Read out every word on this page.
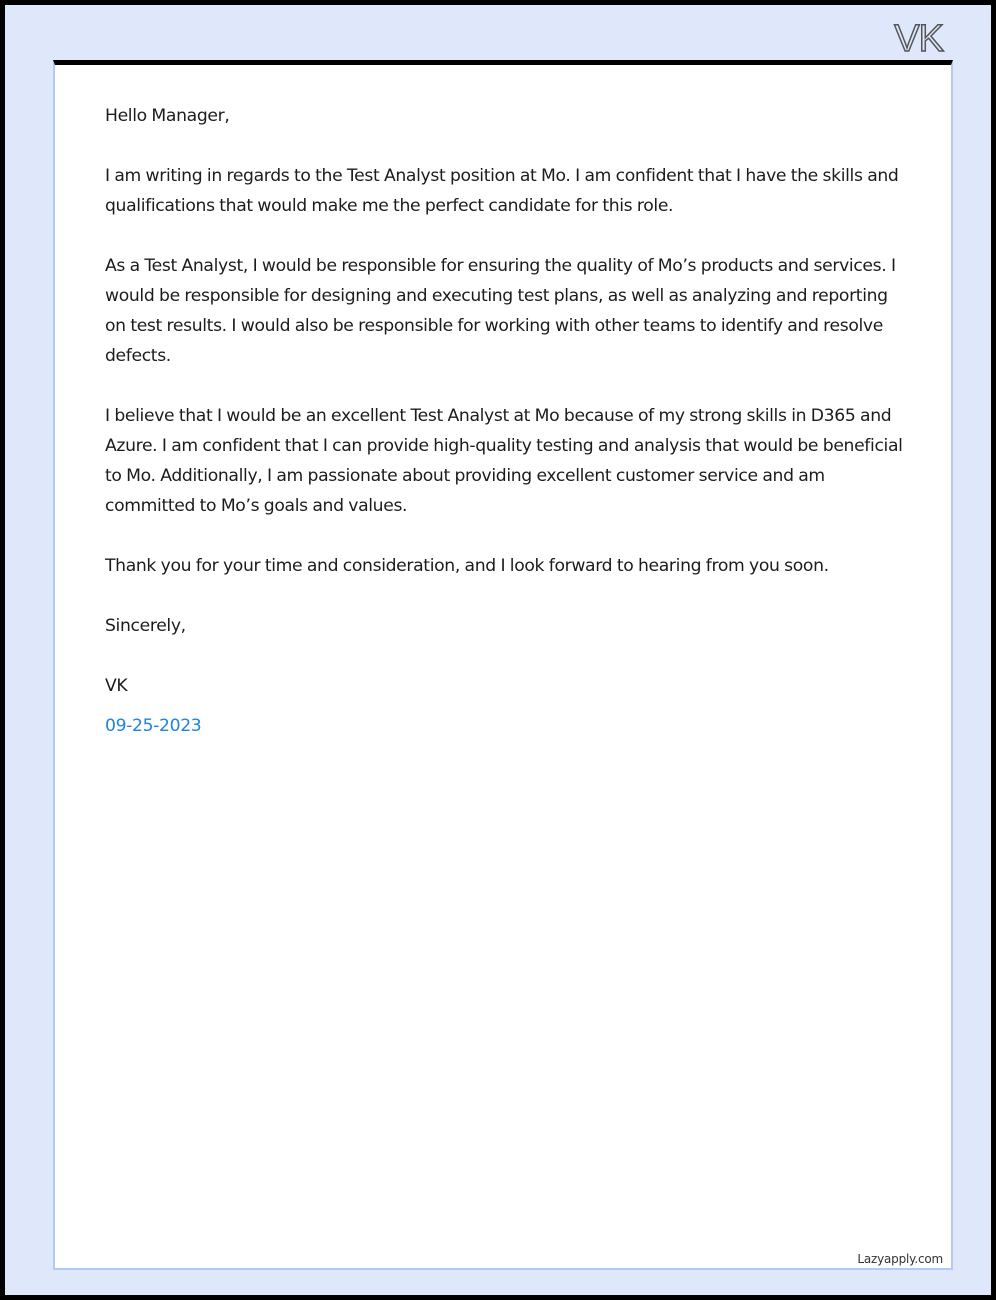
VK

Hello Manager,

I am writing in regards to the Test Analyst position at Mo. I am confident that I have the skills and qualifications that would make me the perfect candidate for this role.

As a Test Analyst, I would be responsible for ensuring the quality of Mo’s products and services. I would be responsible for designing and executing test plans, as well as analyzing and reporting on test results. I would also be responsible for working with other teams to identify and resolve defects.

I believe that I would be an excellent Test Analyst at Mo because of my strong skills in D365 and Azure. I am confident that I can provide high-quality testing and analysis that would be beneficial to Mo. Additionally, I am passionate about providing excellent customer service and am committed to Mo’s goals and values.

Thank you for your time and consideration, and I look forward to hearing from you soon.

Sincerely,

VK

09-25-2023

Lazyapply.com
